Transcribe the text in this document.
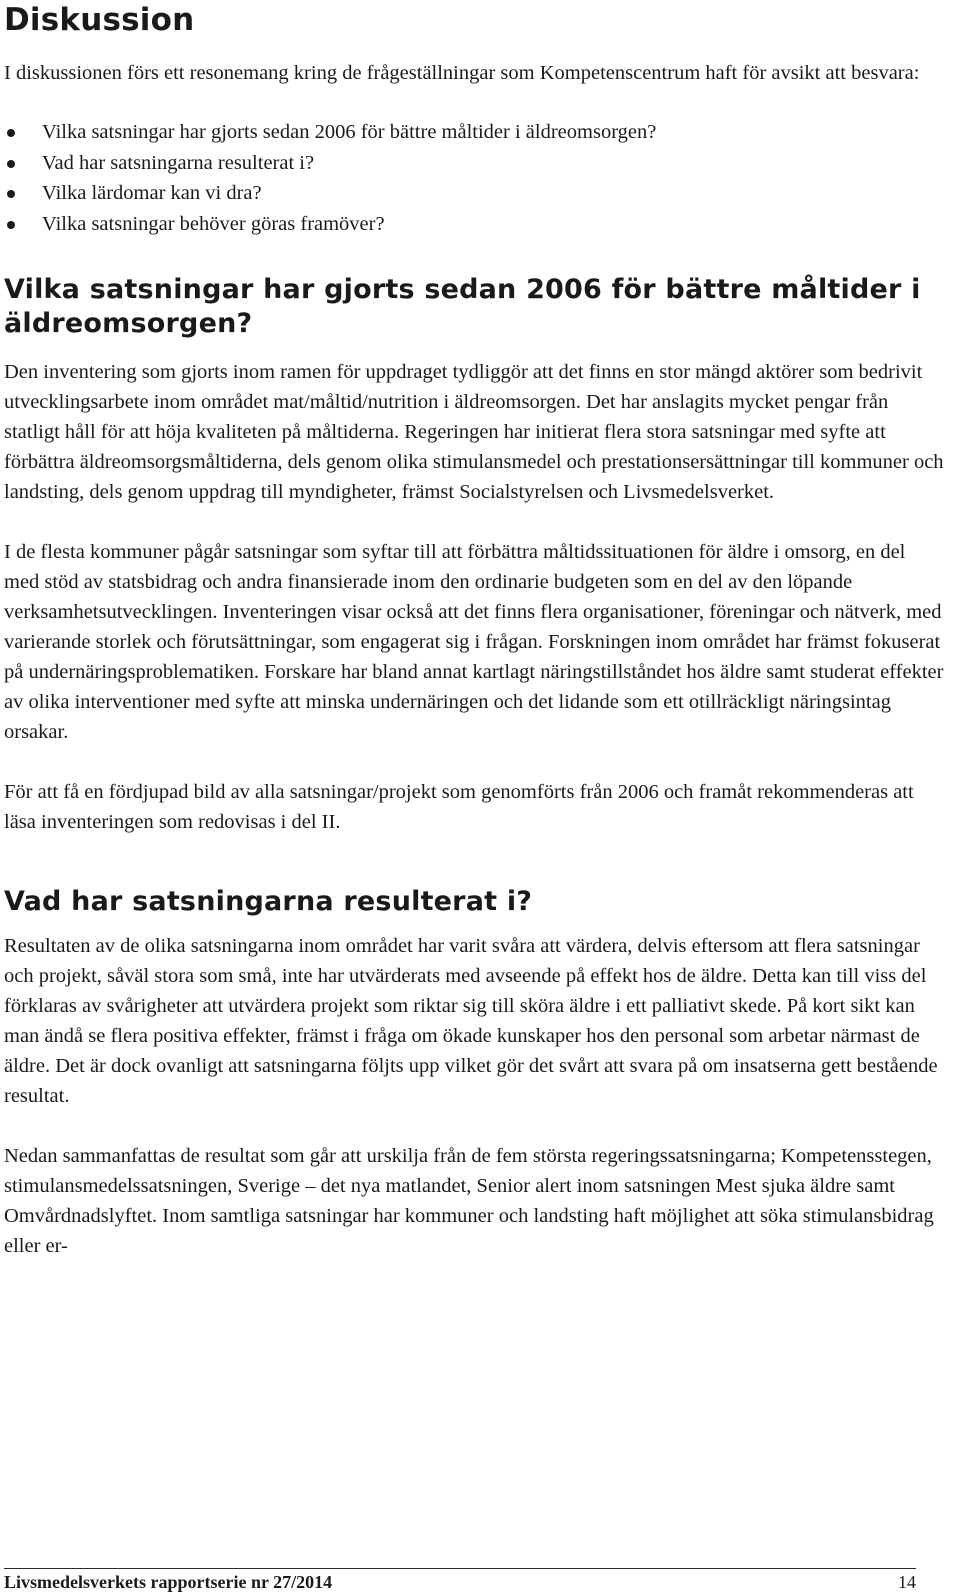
Diskussion

I diskussionen förs ett resonemang kring de frågeställningar som Kompetenscentrum haft för avsikt att besvara:

Vilka satsningar har gjorts sedan 2006 för bättre måltider i äldreomsorgen?
Vad har satsningarna resulterat i?
Vilka lärdomar kan vi dra?
Vilka satsningar behöver göras framöver?
Vilka satsningar har gjorts sedan 2006 för bättre måltider i äldreomsorgen?

Den inventering som gjorts inom ramen för uppdraget tydliggör att det finns en stor mängd aktörer som bedrivit utvecklingsarbete inom området mat/måltid/nutrition i äldreomsorgen. Det har anslagits mycket pengar från statligt håll för att höja kvaliteten på måltiderna. Regeringen har initierat flera stora satsningar med syfte att förbättra äldreomsorgsmåltiderna, dels genom olika stimulansmedel och prestationsersättningar till kommuner och landsting, dels genom uppdrag till myndigheter, främst Socialstyrelsen och Livsmedelsverket.

I de flesta kommuner pågår satsningar som syftar till att förbättra måltidssituationen för äldre i omsorg, en del med stöd av statsbidrag och andra finansierade inom den ordinarie budgeten som en del av den löpande verksamhetsutvecklingen. Inventeringen visar också att det finns flera organisationer, föreningar och nätverk, med varierande storlek och förutsättningar, som engagerat sig i frågan. Forskningen inom området har främst fokuserat på undernäringsproblematiken. Forskare har bland annat kartlagt näringstillståndet hos äldre samt studerat effekter av olika interventioner med syfte att minska undernäringen och det lidande som ett otillräckligt näringsintag orsakar.

För att få en fördjupad bild av alla satsningar/projekt som genomförts från 2006 och framåt rekommenderas att läsa inventeringen som redovisas i del II.

Vad har satsningarna resulterat i?

Resultaten av de olika satsningarna inom området har varit svåra att värdera, delvis eftersom att flera satsningar och projekt, såväl stora som små, inte har utvärderats med avseende på effekt hos de äldre. Detta kan till viss del förklaras av svårigheter att utvärdera projekt som riktar sig till sköra äldre i ett palliativt skede. På kort sikt kan man ändå se flera positiva effekter, främst i fråga om ökade kunskaper hos den personal som arbetar närmast de äldre. Det är dock ovanligt att satsningarna följts upp vilket gör det svårt att svara på om insatserna gett bestående resultat.

Nedan sammanfattas de resultat som går att urskilja från de fem största regeringssatsningarna; Kompetensstegen, stimulansmedelssatsningen, Sverige – det nya matlandet, Senior alert inom satsningen Mest sjuka äldre samt Omvårdnadslyftet. Inom samtliga satsningar har kommuner och landsting haft möjlighet att söka stimulansbidrag eller er-

Livsmedelsverkets rapportserie nr 27/2014	14
